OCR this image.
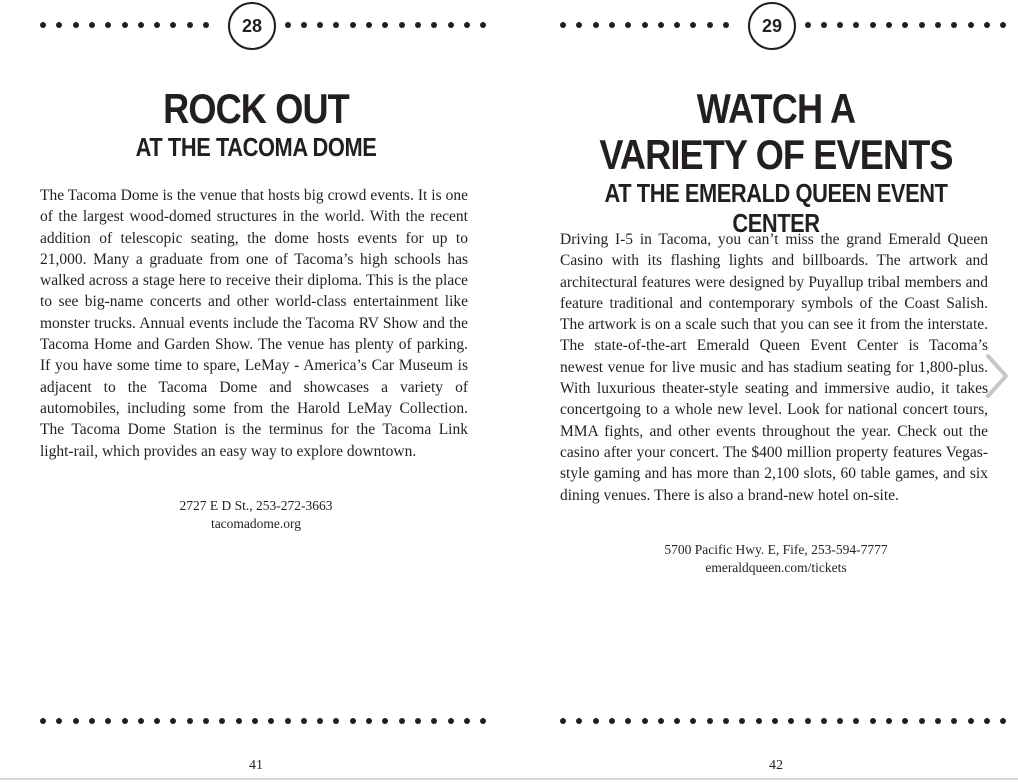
28
ROCK OUT
AT THE TACOMA DOME
The Tacoma Dome is the venue that hosts big crowd events. It is one of the largest wood-domed structures in the world. With the recent addition of telescopic seating, the dome hosts events for up to 21,000. Many a graduate from one of Tacoma’s high schools has walked across a stage here to receive their diploma. This is the place to see big-name concerts and other world-class entertainment like monster trucks. Annual events include the Tacoma RV Show and the Tacoma Home and Garden Show. The venue has plenty of parking. If you have some time to spare, LeMay - America’s Car Museum is adjacent to the Tacoma Dome and showcases a variety of automobiles, including some from the Harold LeMay Collection. The Tacoma Dome Station is the terminus for the Tacoma Link light-rail, which provides an easy way to explore downtown.
2727 E D St., 253-272-3663
tacomadome.org
41
29
WATCH A
VARIETY OF EVENTS
AT THE EMERALD QUEEN EVENT CENTER
Driving I-5 in Tacoma, you can’t miss the grand Emerald Queen Casino with its flashing lights and billboards. The artwork and architectural features were designed by Puyallup tribal members and feature traditional and contemporary symbols of the Coast Salish. The artwork is on a scale such that you can see it from the interstate. The state-of-the-art Emerald Queen Event Center is Tacoma’s newest venue for live music and has stadium seating for 1,800-plus. With luxurious theater-style seating and immersive audio, it takes concertgoing to a whole new level. Look for national concert tours, MMA fights, and other events throughout the year. Check out the casino after your concert. The $400 million property features Vegas-style gaming and has more than 2,100 slots, 60 table games, and six dining venues. There is also a brand-new hotel on-site.
5700 Pacific Hwy. E, Fife, 253-594-7777
emeraldqueen.com/tickets
42
